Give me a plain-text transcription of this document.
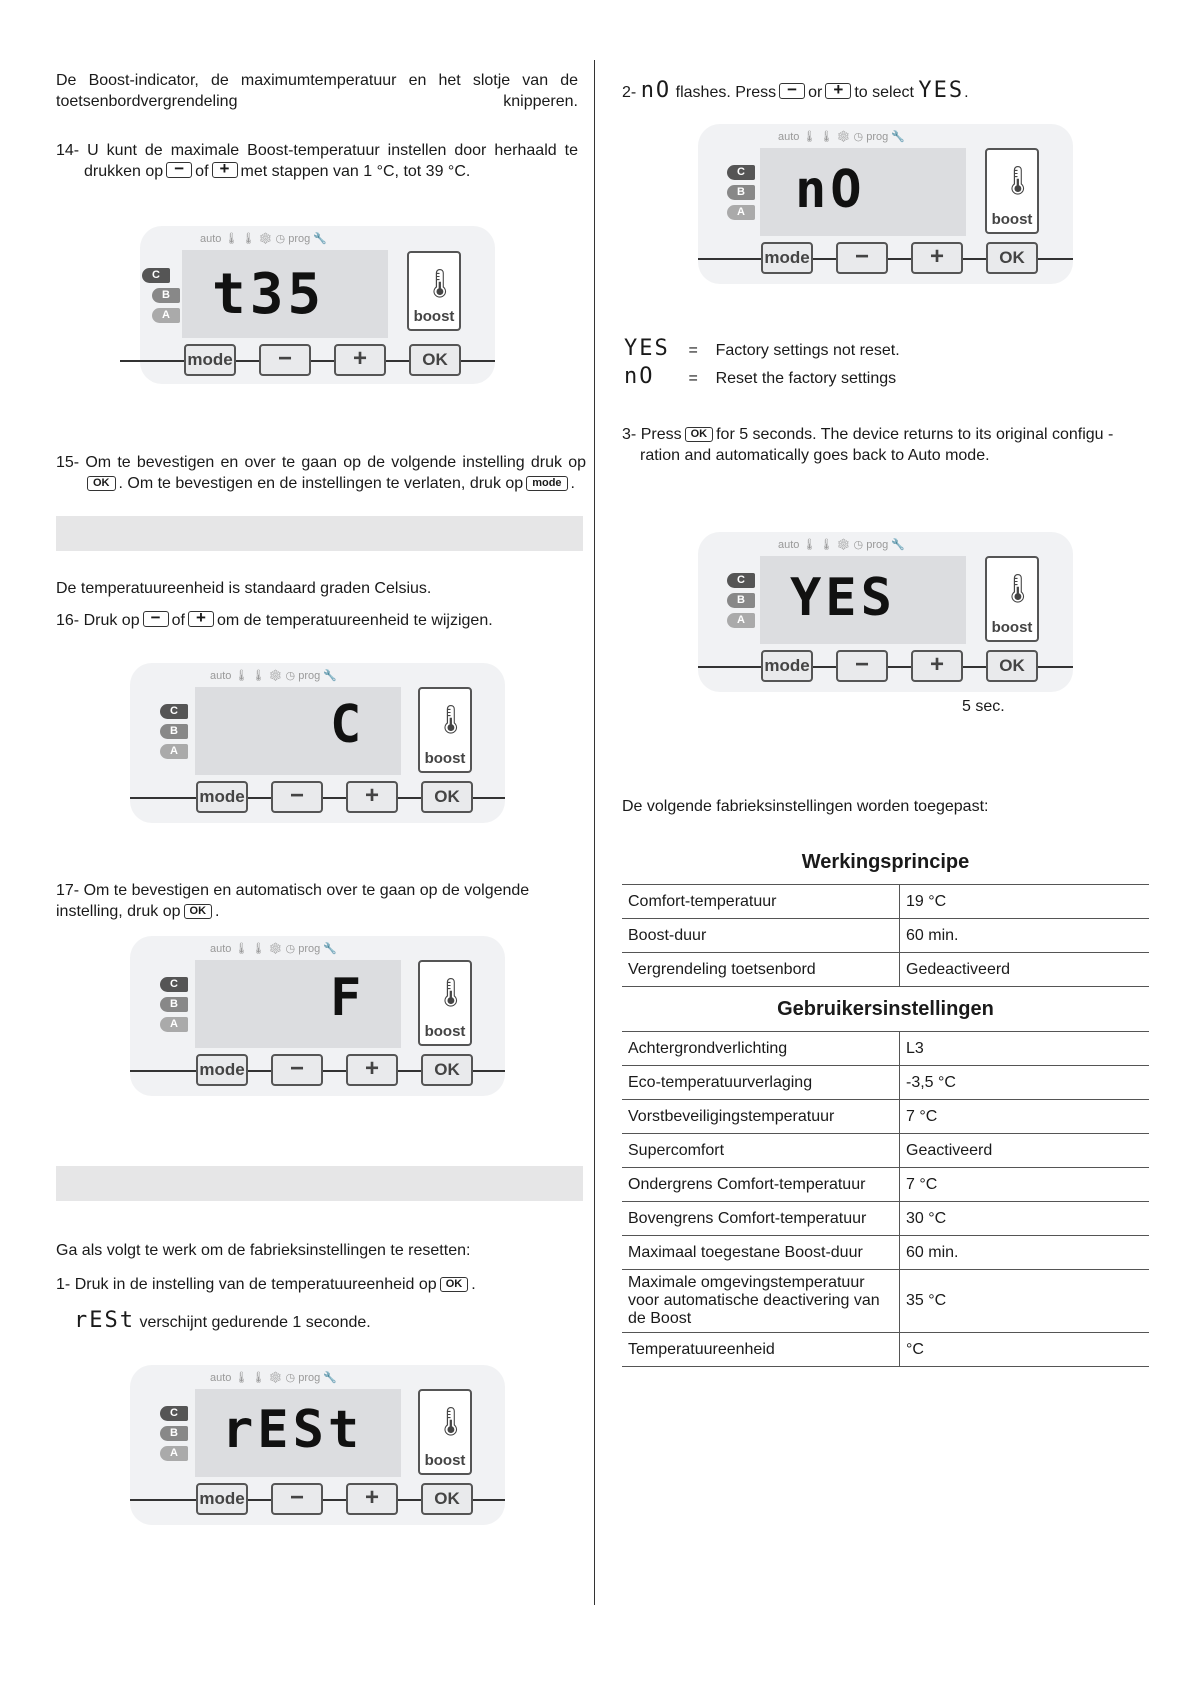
De Boost-indicator, de maximumtemperatuur en het slotje van de toetsenbordvergrendeling knipperen.
14- U kunt de maximale Boost-temperatuur instellen door herhaald te
drukken op − of + met stappen van 1 °C, tot 39 °C.
auto 🌡 🌡 ❄ ◷ prog 🔧
C
B
A t35	🌡
boost
mode	−	+	OK
15- Om te bevestigen en over te gaan op de volgende instelling druk op
OK . Om te bevestigen en de instellingen te verlaten, druk op mode .
De temperatuureenheid is standaard graden Celsius.
16- Druk op − of + om de temperatuureenheid te wijzigen.
auto 🌡 🌡 ❄ ◷ prog 🔧
C
B
A	C 🌡
boost
mode	−	+	OK
17- Om te bevestigen en automatisch over te gaan op de volgende
instelling, druk op OK .
auto 🌡 🌡 ❄ ◷ prog 🔧
C
B
A	F 🌡
boost
mode	−	+	OK
Ga als volgt te werk om de fabrieksinstellingen te resetten:
1- Druk in de instelling van de temperatuureenheid op OK .
rESt verschijnt gedurende 1 seconde.
auto 🌡 🌡 ❄ ◷ prog 🔧
C
B
A rESt 🌡
boost
mode	−	+	OK
2- nO flashes. Press − or + to select YES.
auto 🌡 🌡 ❄ ◷ prog 🔧
C
B
A nO	🌡
boost
mode	−	+	OK
YES = Factory settings not reset.
nO = Reset the factory settings
3- Press OK for 5 seconds. The device returns to its original configu -
ration and automatically goes back to Auto mode.
auto 🌡 🌡 ❄ ◷ prog 🔧
C
B
A YES	🌡
boost
mode	−	+	OK
5 sec.
De volgende fabrieksinstellingen worden toegepast:
Werkingsprincipe	
Comfort-temperatuur	19 °C
Boost-duur	60 min.
Vergrendeling toetsenbord	Gedeactiveerd
Gebruikersinstellingen	
Achtergrondverlichting	L3
Eco-temperatuurverlaging	-3,5 °C
Vorstbeveiligingstemperatuur	7 °C
Supercomfort	Geactiveerd
Ondergrens Comfort-temperatuur	7 °C
Bovengrens Comfort-temperatuur	30 °C
Maximaal toegestane Boost-duur	60 min.
Maximale omgevingstemperatuur voor automatische deactivering van de Boost	35 °C
Temperatuureenheid	°C
